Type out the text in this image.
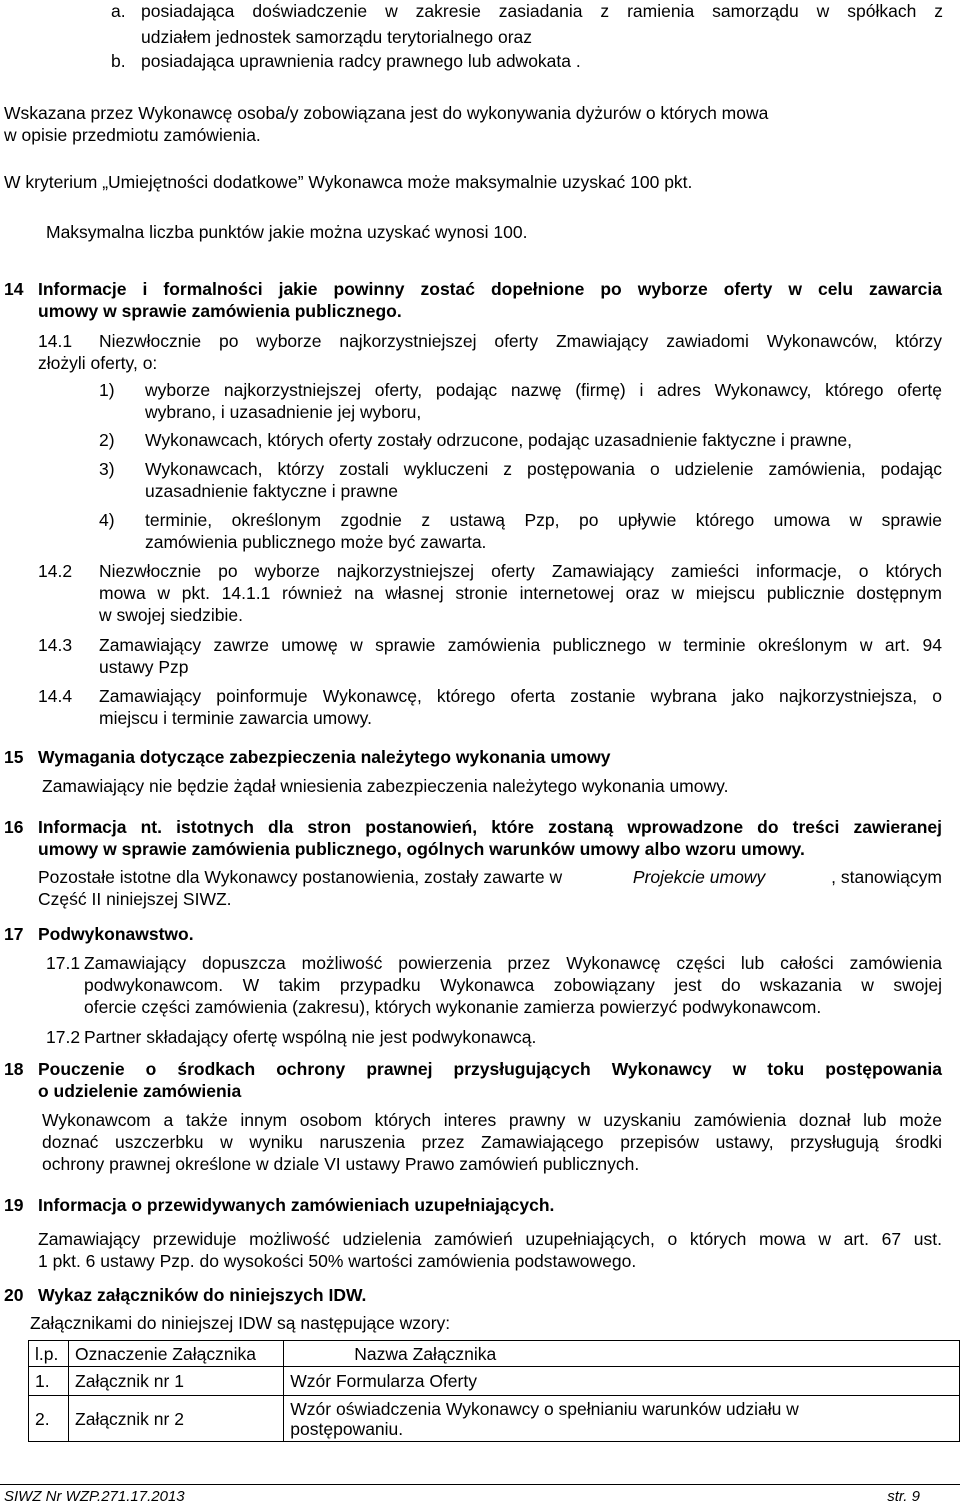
a. posiadająca doświadczenie w zakresie zasiadania z ramienia samorządu w spółkach z
udziałem jednostek samorządu terytorialnego oraz
b. posiadająca uprawnienia radcy prawnego lub adwokata .
Wskazana przez Wykonawcę osoba/y zobowiązana jest do wykonywania dyżurów o których mowa
w opisie przedmiotu zamówienia.
W kryterium „Umiejętności dodatkowe” Wykonawca może maksymalnie uzyskać 100 pkt.
Maksymalna liczba punktów jakie można uzyskać wynosi 100.
14 Informacje i formalności jakie powinny zostać dopełnione po wyborze oferty w celu zawarcia
umowy w sprawie zamówienia publicznego.
14.1 Niezwłocznie po wyborze najkorzystniejszej oferty Zmawiający zawiadomi Wykonawców, którzy
złożyli oferty, o:
1) wyborze najkorzystniejszej oferty, podając nazwę (firmę) i adres Wykonawcy, którego ofertę
wybrano, i uzasadnienie jej wyboru,
2) Wykonawcach, których oferty zostały odrzucone, podając uzasadnienie faktyczne i prawne,
3) Wykonawcach, którzy zostali wykluczeni z postępowania o udzielenie zamówienia, podając
uzasadnienie faktyczne i prawne
4) terminie, określonym zgodnie z ustawą Pzp, po upływie którego umowa w sprawie
zamówienia publicznego może być zawarta.
14.2 Niezwłocznie po wyborze najkorzystniejszej oferty Zamawiający zamieści informacje, o których
mowa w pkt. 14.1.1 również na własnej stronie internetowej oraz w miejscu publicznie dostępnym
w swojej siedzibie.
14.3 Zamawiający zawrze umowę w sprawie zamówienia publicznego w terminie określonym w art. 94
ustawy Pzp
14.4 Zamawiający poinformuje Wykonawcę, którego oferta zostanie wybrana jako najkorzystniejsza, o
miejscu i terminie zawarcia umowy.
15 Wymagania dotyczące zabezpieczenia należytego wykonania umowy
Zamawiający nie będzie żądał wniesienia zabezpieczenia należytego wykonania umowy.
16 Informacja nt. istotnych dla stron postanowień, które zostaną wprowadzone do treści zawieranej
umowy w sprawie zamówienia publicznego, ogólnych warunków umowy albo wzoru umowy.
Pozostałe istotne dla Wykonawcy postanowienia, zostały zawarte w	Projekcie umowy	, stanowiącym
Część II niniejszej SIWZ.
17 Podwykonawstwo.
17.1 Zamawiający dopuszcza możliwość powierzenia przez Wykonawcę części lub całości zamówienia
podwykonawcom. W takim przypadku Wykonawca zobowiązany jest do wskazania w swojej
ofercie części zamówienia (zakresu), których wykonanie zamierza powierzyć podwykonawcom.
17.2 Partner składający ofertę wspólną nie jest podwykonawcą.
18 Pouczenie o środkach ochrony prawnej przysługujących Wykonawcy w toku postępowania
o udzielenie zamówienia
Wykonawcom a także innym osobom których interes prawny w uzyskaniu zamówienia doznał lub może
doznać uszczerbku w wyniku naruszenia przez Zamawiającego przepisów ustawy, przysługują środki
ochrony prawnej określone w dziale VI ustawy Prawo zamówień publicznych.
19 Informacja o przewidywanych zamówieniach uzupełniających.
Zamawiający przewiduje możliwość udzielenia zamówień uzupełniających, o których mowa w art. 67 ust.
1 pkt. 6 ustawy Pzp. do wysokości 50% wartości zamówienia podstawowego.
20 Wykaz załączników do niniejszych IDW.
Załącznikami do niniejszej IDW są następujące wzory:
l.p.	Oznaczenie Załącznika	Nazwa Załącznika
1.	Załącznik nr 1	Wzór Formularza Oferty
2.	Załącznik nr 2	Wzór oświadczenia Wykonawcy o spełnianiu warunków udziału w
postępowaniu.
SIWZ Nr WZP.271.17.2013	str. 9
